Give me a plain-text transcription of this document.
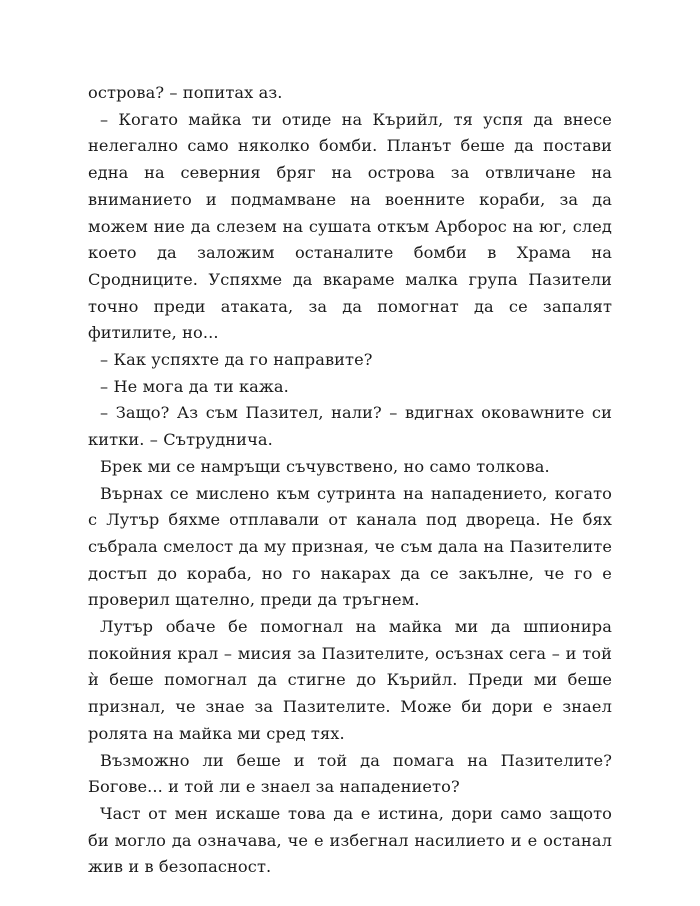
острова? – попитах аз.

– Когато майка ти отиде на Кърийл, тя успя да внесе нелегално само няколко бомби. Планът беше да постави една на северния бряг на острова за отвличане на вниманието и подмамване на военните кораби, за да можем ние да слезем на сушата откъм Арборос на юг, след което да заложим останалите бомби в Храма на Сродниците. Успяхме да вкараме малка група Пазители точно преди атаката, за да помогнат да се запалят фитилите, но...

– Как успяхте да го направите?

– Не мога да ти кажа.

– Защо? Аз съм Пазител, нали? – вдигнах оковаwните си китки. – Сътруднича.

Брек ми се намръщи съчувствено, но само толкова.

Върнах се мислено към сутринта на нападението, когато с Лутър бяхме отплавали от канала под двореца. Не бях събрала смелост да му призная, че съм дала на Пазителите достъп до кораба, но го накарах да се закълне, че го е проверил щателно, преди да тръгнем.

Лутър обаче бе помогнал на майка ми да шпионира покойния крал – мисия за Пазителите, осъзнах сега – и той ѝ беше помогнал да стигне до Кърийл. Преди ми беше признал, че знае за Пазителите. Може би дори е знаел ролята на майка ми сред тях.

Възможно ли беше и той да помага на Пазителите? Богове... и той ли е знаел за нападението?

Част от мен искаше това да е истина, дори само защото би могло да означава, че е избегнал насилието и е останал жив и в безопасност.
